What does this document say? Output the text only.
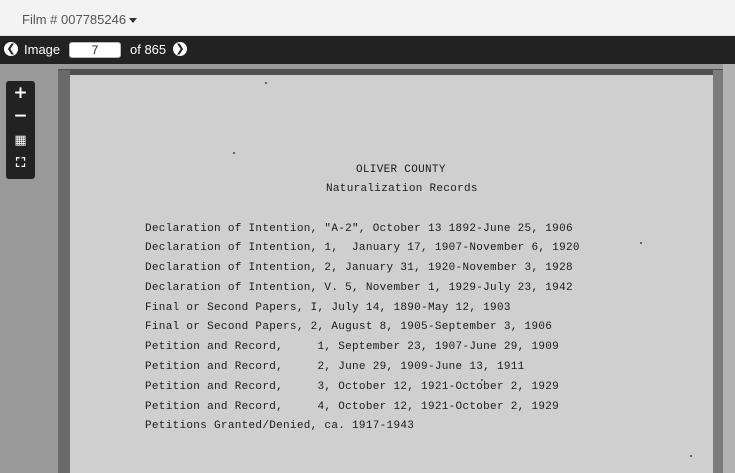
Film # 007785246
❮ Image
7	of 865 ❯
OLIVER COUNTY
Naturalization Records
Declaration of Intention, "A-2", October 13 1892-June 25, 1906
Declaration of Intention, 1,  January 17, 1907-November 6, 1920
Declaration of Intention, 2, January 31, 1920-November 3, 1928
Declaration of Intention, V. 5, November 1, 1929-July 23, 1942
Final or Second Papers, I, July 14, 1890-May 12, 1903
Final or Second Papers, 2, August 8, 1905-September 3, 1906
Petition and Record,     1, September 23, 1907-June 29, 1909
Petition and Record,     2, June 29, 1909-June 13, 1911
Petition and Record,     3, October 12, 1921-October 2, 1929
Petition and Record,     4, October 12, 1921-October 2, 1929
Petitions Granted/Denied, ca. 1917-1943
+
−
▦
⛶
